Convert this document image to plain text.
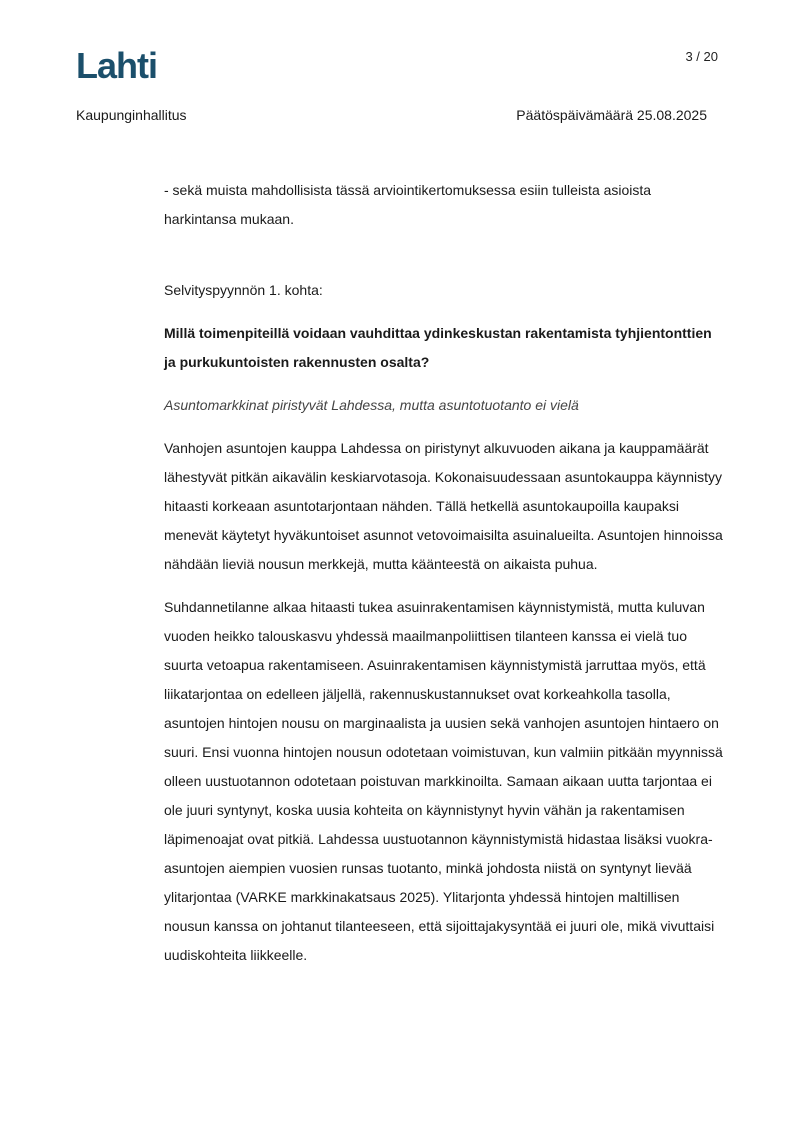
Lahti	3 / 20
Kaupunginhallitus	Päätöspäivämäärä 25.08.2025

- sekä muista mahdollisista tässä arviointikertomuksessa esiin tulleista asioista harkintansa mukaan.

Selvityspyynnön 1. kohta:

Millä toimenpiteillä voidaan vauhdittaa ydinkeskustan rakentamista tyhjientonttien ja purkukuntoisten rakennusten osalta?

Asuntomarkkinat piristyvät Lahdessa, mutta asuntotuotanto ei vielä

Vanhojen asuntojen kauppa Lahdessa on piristynyt alkuvuoden aikana ja kauppamäärät lähestyvät pitkän aikavälin keskiarvotasoja. Kokonaisuudessaan asuntokauppa käynnistyy hitaasti korkeaan asuntotarjontaan nähden. Tällä hetkellä asuntokaupoilla kaupaksi menevät käytetyt hyväkuntoiset asunnot vetovoimaisilta asuinalueilta. Asuntojen hinnoissa nähdään lieviä nousun merkkejä, mutta käänteestä on aikaista puhua.

Suhdannetilanne alkaa hitaasti tukea asuinrakentamisen käynnistymistä, mutta kuluvan vuoden heikko talouskasvu yhdessä maailmanpoliittisen tilanteen kanssa ei vielä tuo suurta vetoapua rakentamiseen. Asuinrakentamisen käynnistymistä jarruttaa myös, että liikatarjontaa on edelleen jäljellä, rakennuskustannukset ovat korkeahkolla tasolla, asuntojen hintojen nousu on marginaalista ja uusien sekä vanhojen asuntojen hintaero on suuri. Ensi vuonna hintojen nousun odotetaan voimistuvan, kun valmiin pitkään myynnissä olleen uustuotannon odotetaan poistuvan markkinoilta. Samaan aikaan uutta tarjontaa ei ole juuri syntynyt, koska uusia kohteita on käynnistynyt hyvin vähän ja rakentamisen läpimenoajat ovat pitkiä. Lahdessa uustuotannon käynnistymistä hidastaa lisäksi vuokra-asuntojen aiempien vuosien runsas tuotanto, minkä johdosta niistä on syntynyt lievää ylitarjontaa (VARKE markkinakatsaus 2025). Ylitarjonta yhdessä hintojen maltillisen nousun kanssa on johtanut tilanteeseen, että sijoittajakysyntää ei juuri ole, mikä vivuttaisi uudiskohteita liikkeelle.
